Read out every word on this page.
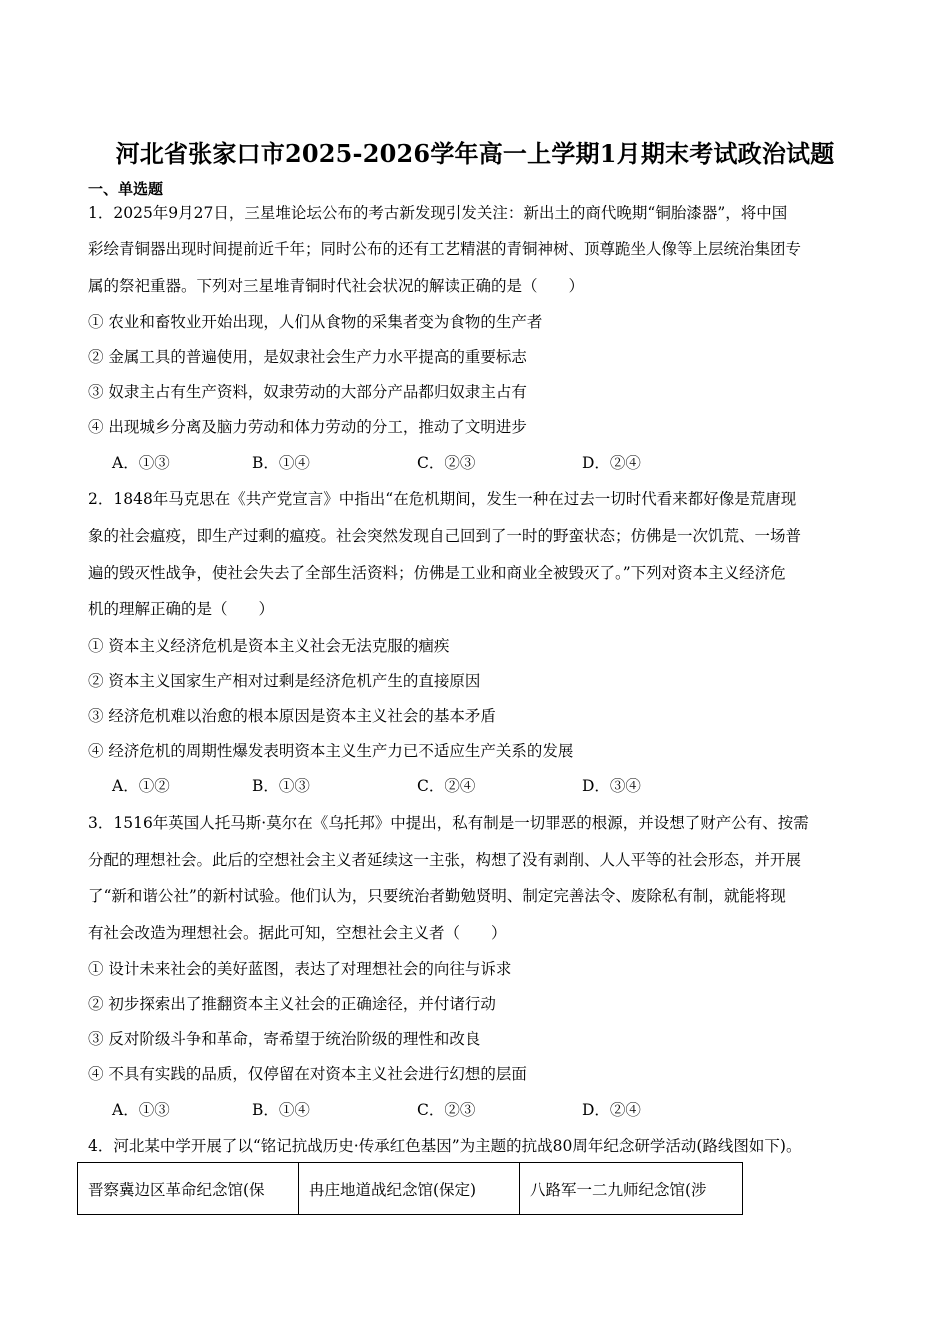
河北省张家口市2025-2026学年高一上学期1月期末考试政治试题
一、单选题
1．2025年9月27日，三星堆论坛公布的考古新发现引发关注：新出土的商代晚期“铜胎漆器”，将中国
彩绘青铜器出现时间提前近千年；同时公布的还有工艺精湛的青铜神树、顶尊跪坐人像等上层统治集团专
属的祭祀重器。下列对三星堆青铜时代社会状况的解读正确的是（　　）
① 农业和畜牧业开始出现，人们从食物的采集者变为食物的生产者
② 金属工具的普遍使用，是奴隶社会生产力水平提高的重要标志
③ 奴隶主占有生产资料，奴隶劳动的大部分产品都归奴隶主占有
④ 出现城乡分离及脑力劳动和体力劳动的分工，推动了文明进步
A．①③	B．①④	C．②③	D．②④
2．1848年马克思在《共产党宣言》中指出“在危机期间，发生一种在过去一切时代看来都好像是荒唐现
象的社会瘟疫，即生产过剩的瘟疫。社会突然发现自己回到了一时的野蛮状态；仿佛是一次饥荒、一场普
遍的毁灭性战争，使社会失去了全部生活资料；仿佛是工业和商业全被毁灭了。”下列对资本主义经济危
机的理解正确的是（　　）
① 资本主义经济危机是资本主义社会无法克服的痼疾
② 资本主义国家生产相对过剩是经济危机产生的直接原因
③ 经济危机难以治愈的根本原因是资本主义社会的基本矛盾
④ 经济危机的周期性爆发表明资本主义生产力已不适应生产关系的发展
A．①②	B．①③	C．②④	D．③④
3．1516年英国人托马斯·莫尔在《乌托邦》中提出，私有制是一切罪恶的根源，并设想了财产公有、按需
分配的理想社会。此后的空想社会主义者延续这一主张，构想了没有剥削、人人平等的社会形态，并开展
了“新和谐公社”的新村试验。他们认为，只要统治者勤勉贤明、制定完善法令、废除私有制，就能将现
有社会改造为理想社会。据此可知，空想社会主义者（　　）
① 设计未来社会的美好蓝图，表达了对理想社会的向往与诉求
② 初步探索出了推翻资本主义社会的正确途径，并付诸行动
③ 反对阶级斗争和革命，寄希望于统治阶级的理性和改良
④ 不具有实践的品质，仅停留在对资本主义社会进行幻想的层面
A．①③	B．①④	C．②③	D．②④
4．河北某中学开展了以“铭记抗战历史·传承红色基因”为主题的抗战80周年纪念研学活动(路线图如下)。
晋察冀边区革命纪念馆(保	冉庄地道战纪念馆(保定)	八路军一二九师纪念馆(涉
